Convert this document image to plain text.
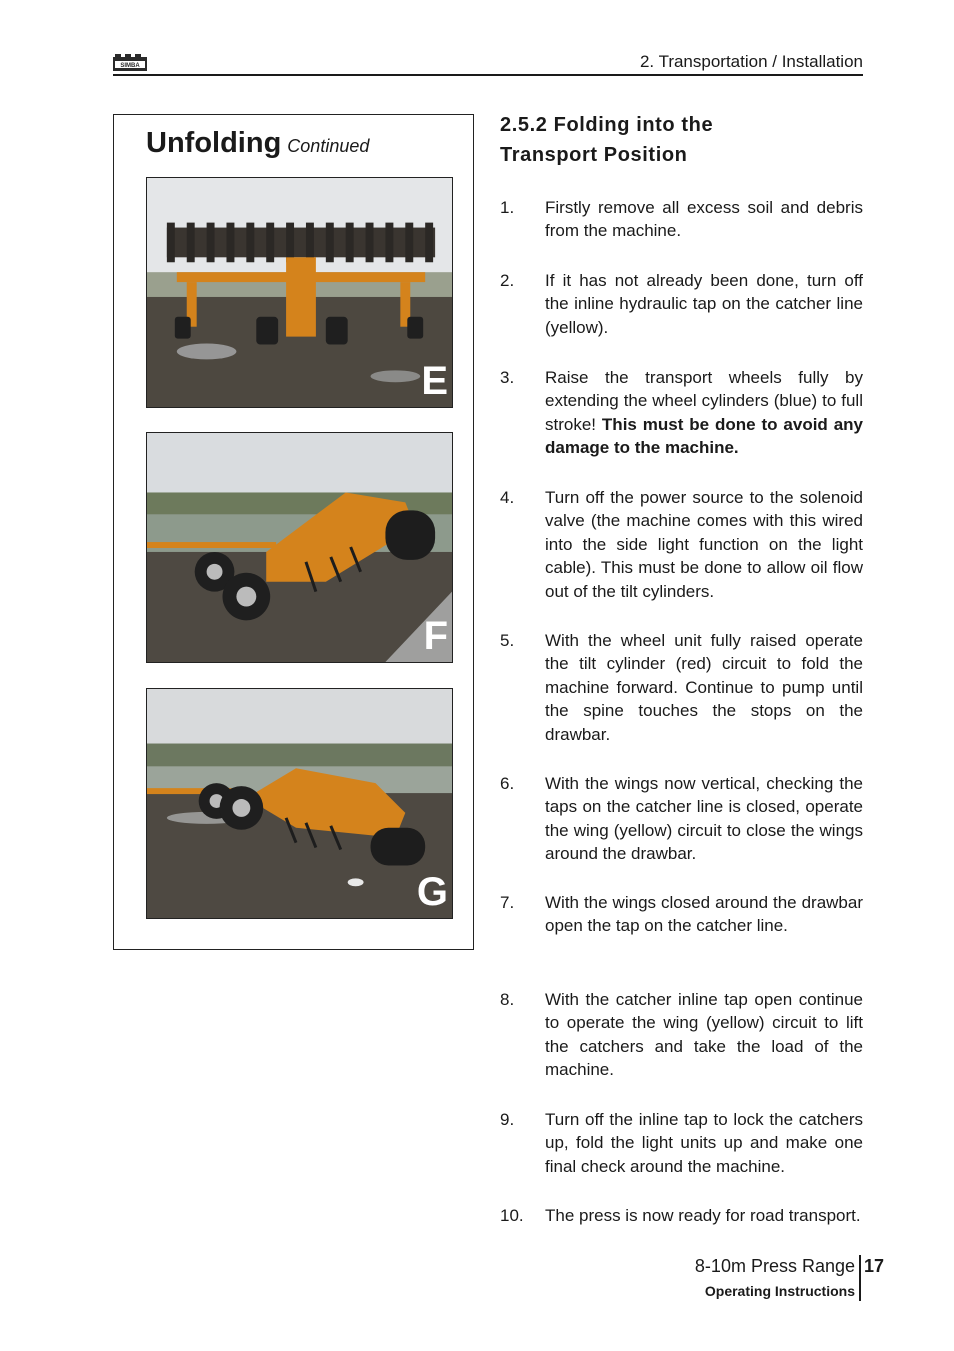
SIMBA	2. Transportation / Installation
Unfolding Continued
E
F
G
2.5.2 Folding into the
Transport Position
1. Firstly remove all excess soil and debris from the machine.
2. If it has not already been done, turn off the inline hydraulic tap on the catcher line (yellow).
3. Raise the transport wheels fully by extending the wheel cylinders (blue) to full stroke! This must be done to avoid any damage to the machine.
4. Turn off the power source to the solenoid valve (the machine comes with this wired into the side light function on the light cable). This must be done to allow oil flow out of the tilt cylinders.
5. With the wheel unit fully raised operate the tilt cylinder (red) circuit to fold the machine forward. Continue to pump until the spine touches the stops on the drawbar.
6. With the wings now vertical, checking the taps on the catcher line is closed, operate the wing (yellow) circuit to close the wings around the drawbar.
7. With the wings closed around the drawbar open the tap on the catcher line.
8. With the catcher inline tap open continue to operate the wing (yellow) circuit to lift the catchers and take the load of the machine.
9. Turn off the inline tap to lock the catchers up, fold the light units up and make one final check around the machine.
10. The press is now ready for road transport.
8-10m Press Range
Operating Instructions
17
